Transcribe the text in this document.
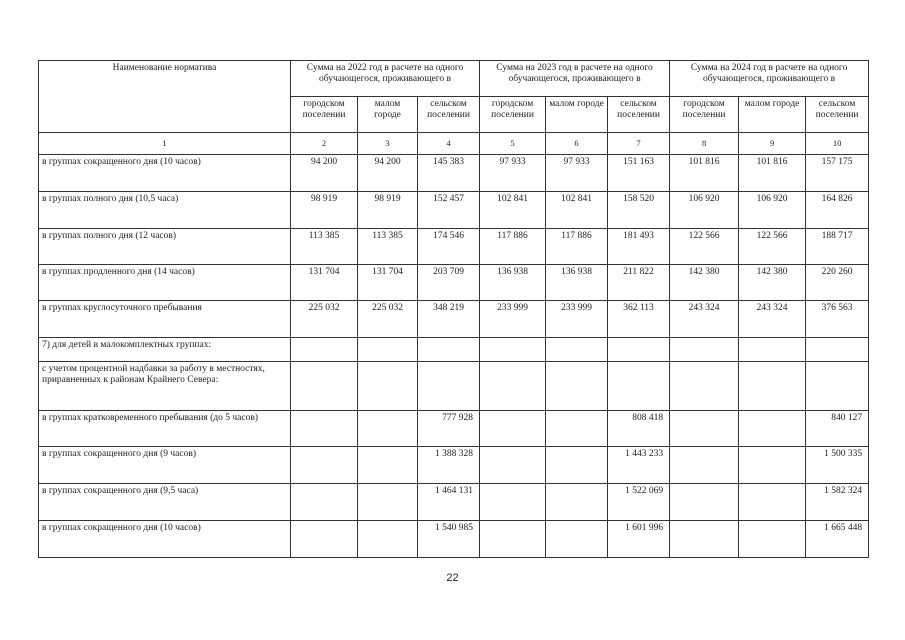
Наименование норматива	Сумма на 2022 год в расчете на одного обучающегося, проживающего в			Сумма на 2023 год в расчете на одного обучающегося, проживающего в			Сумма на 2024 год в расчете на одного обучающегося, проживающего в		
	городском поселении	малом городе	сельском поселении	городском поселении	малом городе	сельском поселении	городском поселении	малом городе	сельском поселении
1	2	3	4	5	6	7	8	9	10
в группах сокращенного дня (10 часов)	94 200	94 200	145 383	97 933	97 933	151 163	101 816	101 816	157 175
в группах полного дня (10,5 часа)	98 919	98 919	152 457	102 841	102 841	158 520	106 920	106 920	164 826
в группах полного дня (12 часов)	113 385	113 385	174 546	117 886	117 886	181 493	122 566	122 566	188 717
в группах продленного дня (14 часов)	131 704	131 704	203 709	136 938	136 938	211 822	142 380	142 380	220 260
в группах круглосуточного пребывания	225 032	225 032	348 219	233 999	233 999	362 113	243 324	243 324	376 563
7) для детей в малокомплектных группах:									
с учетом процентной надбавки за работу в местностях, приравненных к районам Крайнего Севера:									
в группах кратковременного пребывания (до 5 часов)			777 928			808 418			840 127
в группах сокращенного дня (9 часов)			1 388 328			1 443 233			1 500 335
в группах сокращенного дня (9,5 часа)			1 464 131			1 522 069			1 582 324
в группах сокращенного дня (10 часов)			1 540 985			1 601 996			1 665 448
22
